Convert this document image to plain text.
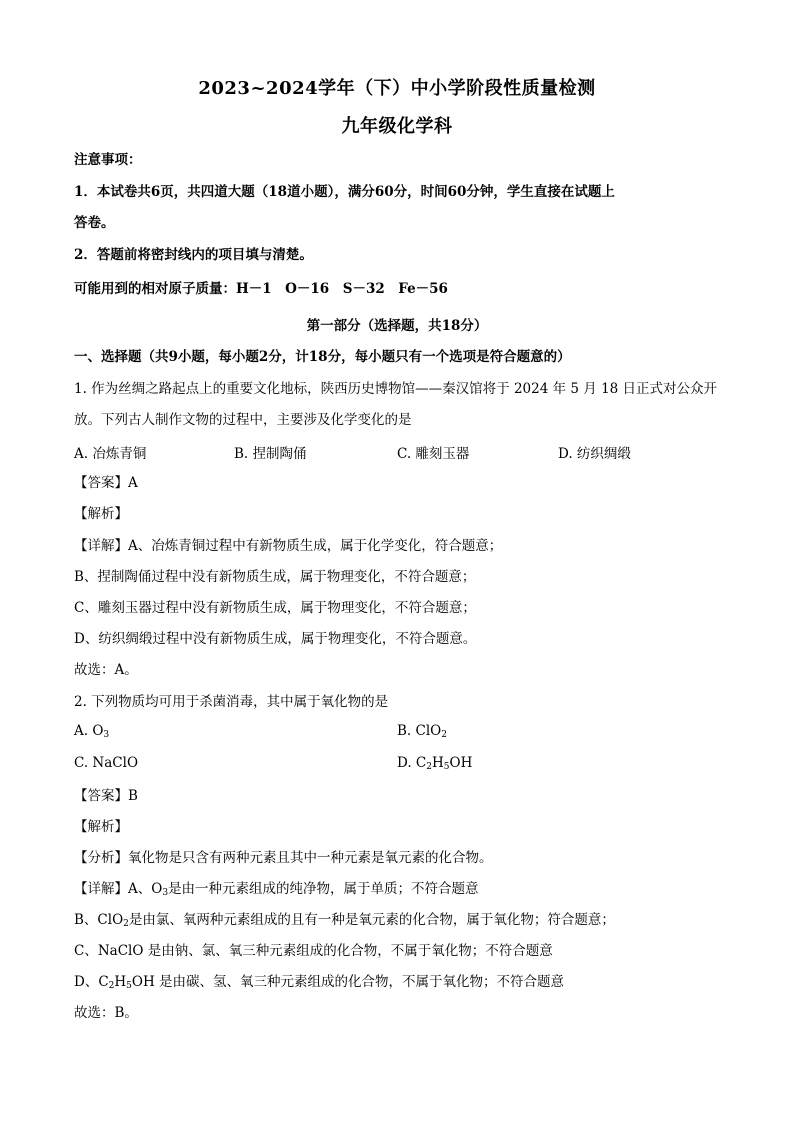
2023~2024学年（下）中小学阶段性质量检测
九年级化学科
注意事项：
1．本试卷共6页，共四道大题（18道小题），满分60分，时间60分钟，学生直接在试题上
答卷。
2．答题前将密封线内的项目填与清楚。
可能用到的相对原子质量：H－1　O－16　S－32　Fe－56
第一部分（选择题，共18分）
一、选择题（共9小题，每小题2分，计18分，每小题只有一个选项是符合题意的）
1. 作为丝绸之路起点上的重要文化地标，陕西历史博物馆——秦汉馆将于 2024 年 5 月 18 日正式对公众开
放。下列古人制作文物的过程中，主要涉及化学变化的是
A. 冶炼青铜	B. 捏制陶俑	C. 雕刻玉器	D. 纺织绸缎
【答案】A
【解析】
【详解】A、冶炼青铜过程中有新物质生成，属于化学变化，符合题意；
B、捏制陶俑过程中没有新物质生成，属于物理变化，不符合题意；
C、雕刻玉器过程中没有新物质生成，属于物理变化，不符合题意；
D、纺织绸缎过程中没有新物质生成，属于物理变化，不符合题意。
故选：A。
2. 下列物质均可用于杀菌消毒，其中属于氧化物的是
A. $O_3$	B. ClO$_2$
C. NaClO	D. $C_2H_5OH$
【答案】B
【解析】
【分析】氧化物是只含有两种元素且其中一种元素是氧元素的化合物。
【详解】A、$O_3$是由一种元素组成的纯净物，属于单质；不符合题意
B、ClO$_2$是由氯、氧两种元素组成的且有一种是氧元素的化合物，属于氧化物；符合题意；
C、NaClO 是由钠、氯、氧三种元素组成的化合物，不属于氧化物；不符合题意
D、$C_2H_5OH$ 是由碳、氢、氧三种元素组成的化合物，不属于氧化物；不符合题意
故选：B。
